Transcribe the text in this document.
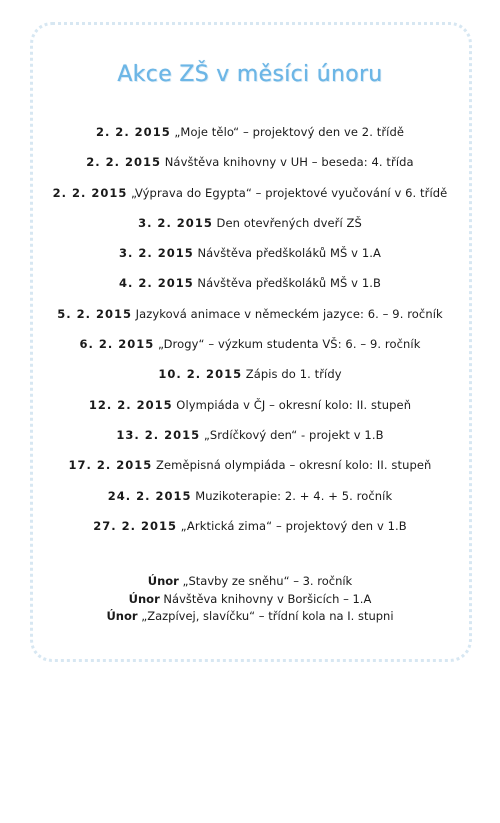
Akce ZŠ v měsíci únoru
2. 2. 2015 „Moje tělo“ – projektový den ve 2. třídě
2. 2. 2015 Návštěva knihovny v UH – beseda: 4. třída
2. 2. 2015 „Výprava do Egypta“ – projektové vyučování v 6. třídě
3. 2. 2015 Den otevřených dveří ZŠ
3. 2. 2015 Návštěva předškoláků MŠ v 1.A
4. 2. 2015 Návštěva předškoláků MŠ v 1.B
5. 2. 2015 Jazyková animace v německém jazyce: 6. – 9. ročník
6. 2. 2015 „Drogy“ – výzkum studenta VŠ: 6. – 9. ročník
10. 2. 2015 Zápis do 1. třídy
12. 2. 2015 Olympiáda v ČJ – okresní kolo: II. stupeň
13. 2. 2015 „Srdíčkový den“ - projekt v 1.B
17. 2. 2015 Zeměpisná olympiáda – okresní kolo: II. stupeň
24. 2. 2015 Muzikoterapie: 2. + 4. + 5. ročník
27. 2. 2015 „Arktická zima“ – projektový den v 1.B
Únor „Stavby ze sněhu“ – 3. ročník
Únor Návštěva knihovny v Boršicích – 1.A
Únor „Zazpívej, slavíčku“ – třídní kola na I. stupni
